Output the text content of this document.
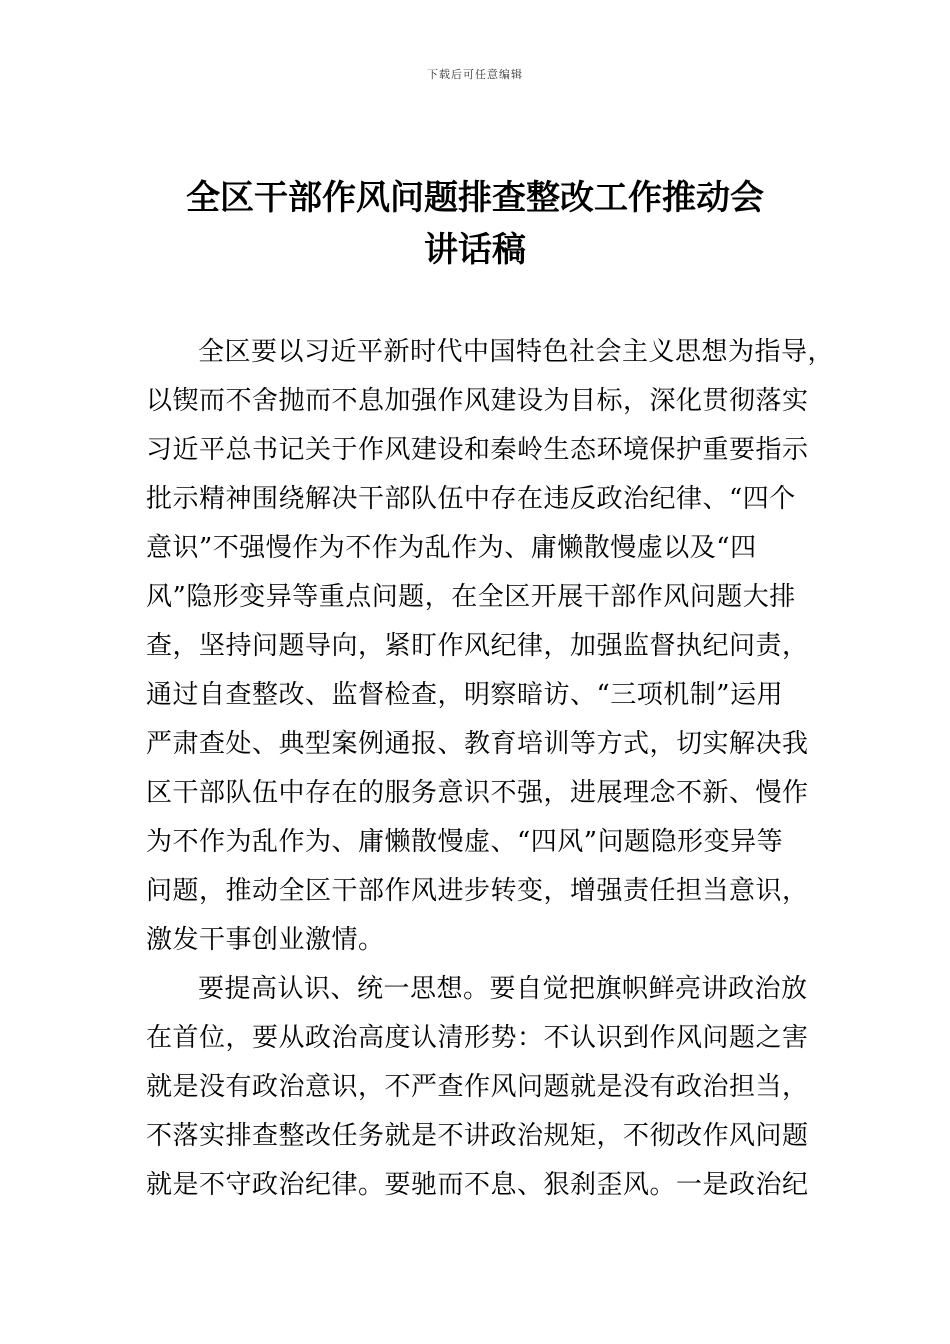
下载后可任意编辑
全区干部作风问题排查整改工作推动会
讲话稿
全区要以习近平新时代中国特色社会主义思想为指导，
以锲而不舍抛而不息加强作风建设为目标，深化贯彻落实
习近平总书记关于作风建设和秦岭生态环境保护重要指示
批示精神围绕解决干部队伍中存在违反政治纪律、“四个
意识”不强慢作为不作为乱作为、庸懒散慢虚以及“四
风”隐形变异等重点问题，在全区开展干部作风问题大排
查，坚持问题导向，紧盯作风纪律，加强监督执纪问责，
通过自查整改、监督检查，明察暗访、“三项机制”运用
严肃查处、典型案例通报、教育培训等方式，切实解决我
区干部队伍中存在的服务意识不强，进展理念不新、慢作
为不作为乱作为、庸懒散慢虚、“四风”问题隐形变异等
问题，推动全区干部作风进步转变，增强责任担当意识，
激发干事创业激情。
要提高认识、统一思想。要自觉把旗帜鲜亮讲政治放
在首位，要从政治高度认清形势：不认识到作风问题之害
就是没有政治意识，不严查作风问题就是没有政治担当，
不落实排查整改任务就是不讲政治规矩，不彻改作风问题
就是不守政治纪律。要驰而不息、狠刹歪风。一是政治纪
